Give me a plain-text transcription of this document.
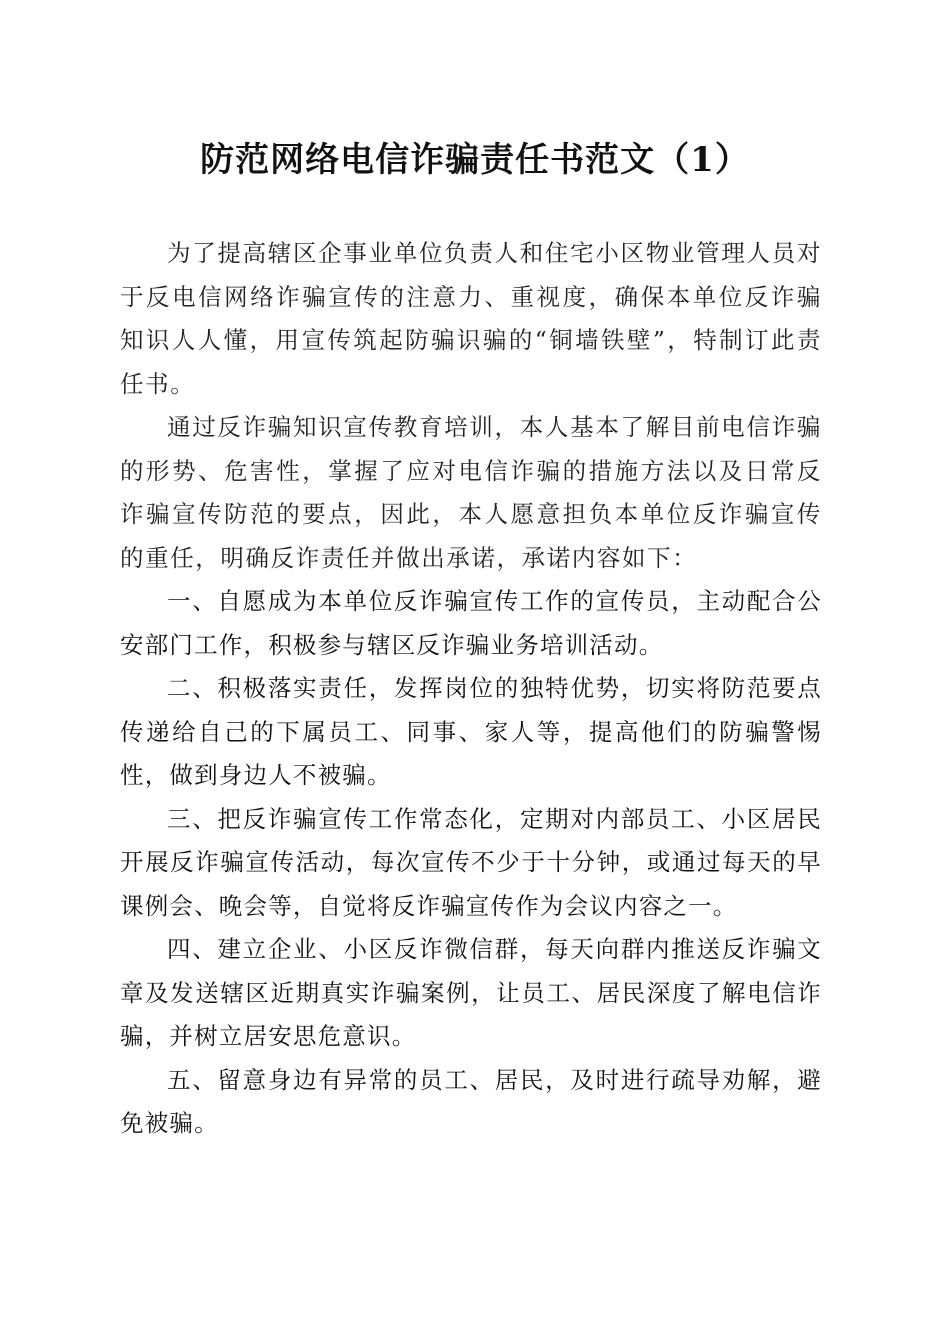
防范网络电信诈骗责任书范文（1）

为了提高辖区企事业单位负责人和住宅小区物业管理人员对于反电信网络诈骗宣传的注意力、重视度，确保本单位反诈骗知识人人懂，用宣传筑起防骗识骗的“铜墙铁壁”，特制订此责任书。

通过反诈骗知识宣传教育培训，本人基本了解目前电信诈骗的形势、危害性，掌握了应对电信诈骗的措施方法以及日常反诈骗宣传防范的要点，因此，本人愿意担负本单位反诈骗宣传的重任，明确反诈责任并做出承诺，承诺内容如下：

一、自愿成为本单位反诈骗宣传工作的宣传员，主动配合公安部门工作，积极参与辖区反诈骗业务培训活动。

二、积极落实责任，发挥岗位的独特优势，切实将防范要点传递给自己的下属员工、同事、家人等，提高他们的防骗警惕性，做到身边人不被骗。

三、把反诈骗宣传工作常态化，定期对内部员工、小区居民开展反诈骗宣传活动，每次宣传不少于十分钟，或通过每天的早课例会、晚会等，自觉将反诈骗宣传作为会议内容之一。

四、建立企业、小区反诈微信群，每天向群内推送反诈骗文章及发送辖区近期真实诈骗案例，让员工、居民深度了解电信诈骗，并树立居安思危意识。

五、留意身边有异常的员工、居民，及时进行疏导劝解，避免被骗。
